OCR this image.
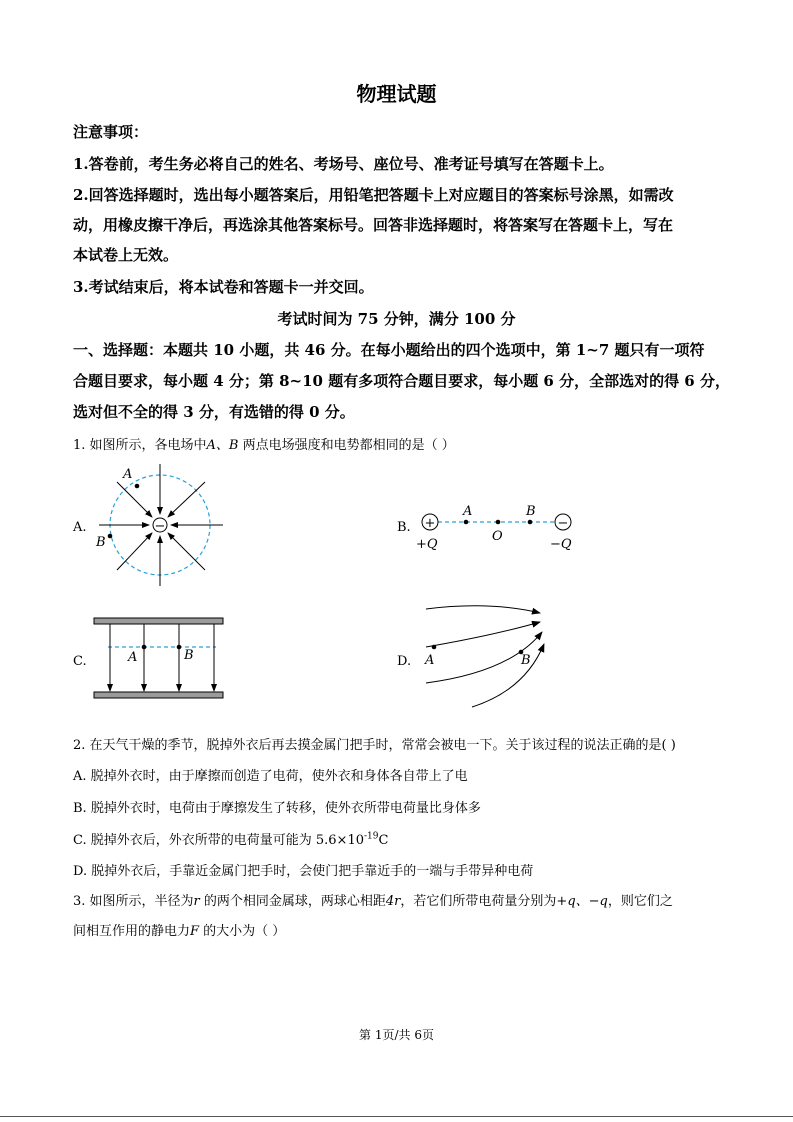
物理试题
注意事项：
1.答卷前，考生务必将自己的姓名、考场号、座位号、准考证号填写在答题卡上。
2.回答选择题时，选出每小题答案后，用铅笔把答题卡上对应题目的答案标号涂黑，如需改
动，用橡皮擦干净后，再选涂其他答案标号。回答非选择题时，将答案写在答题卡上，写在
本试卷上无效。
3.考试结束后，将本试卷和答题卡一并交回。
考试时间为 75 分钟，满分 100 分
一、选择题：本题共 10 小题，共 46 分。在每小题给出的四个选项中，第 1~7 题只有一项符
合题目要求，每小题 4 分；第 8~10 题有多项符合题目要求，每小题 6 分，全部选对的得 6 分，
选对但不全的得 3 分，有选错的得 0 分。
1. 如图所示，各电场中A、B 两点电场强度和电势都相同的是（ ）
A.	−
A
B
B. +	−
A	B
O
+Q	−Q
C.	A	B	D. A	B
2. 在天气干燥的季节，脱掉外衣后再去摸金属门把手时，常常会被电一下。关于该过程的说法正确的是( )
A. 脱掉外衣时，由于摩擦而创造了电荷，使外衣和身体各自带上了电
B. 脱掉外衣时，电荷由于摩擦发生了转移，使外衣所带电荷量比身体多
C. 脱掉外衣后，外衣所带的电荷量可能为 $5.6\times 10^{-19}C$
D. 脱掉外衣后，手靠近金属门把手时，会使门把手靠近手的一端与手带异种电荷
3. 如图所示，半径为r 的两个相同金属球，两球心相距4r，若它们所带电荷量分别为+q、−q，则它们之
间相互作用的静电力F 的大小为（ ）
第 1页/共 6页
